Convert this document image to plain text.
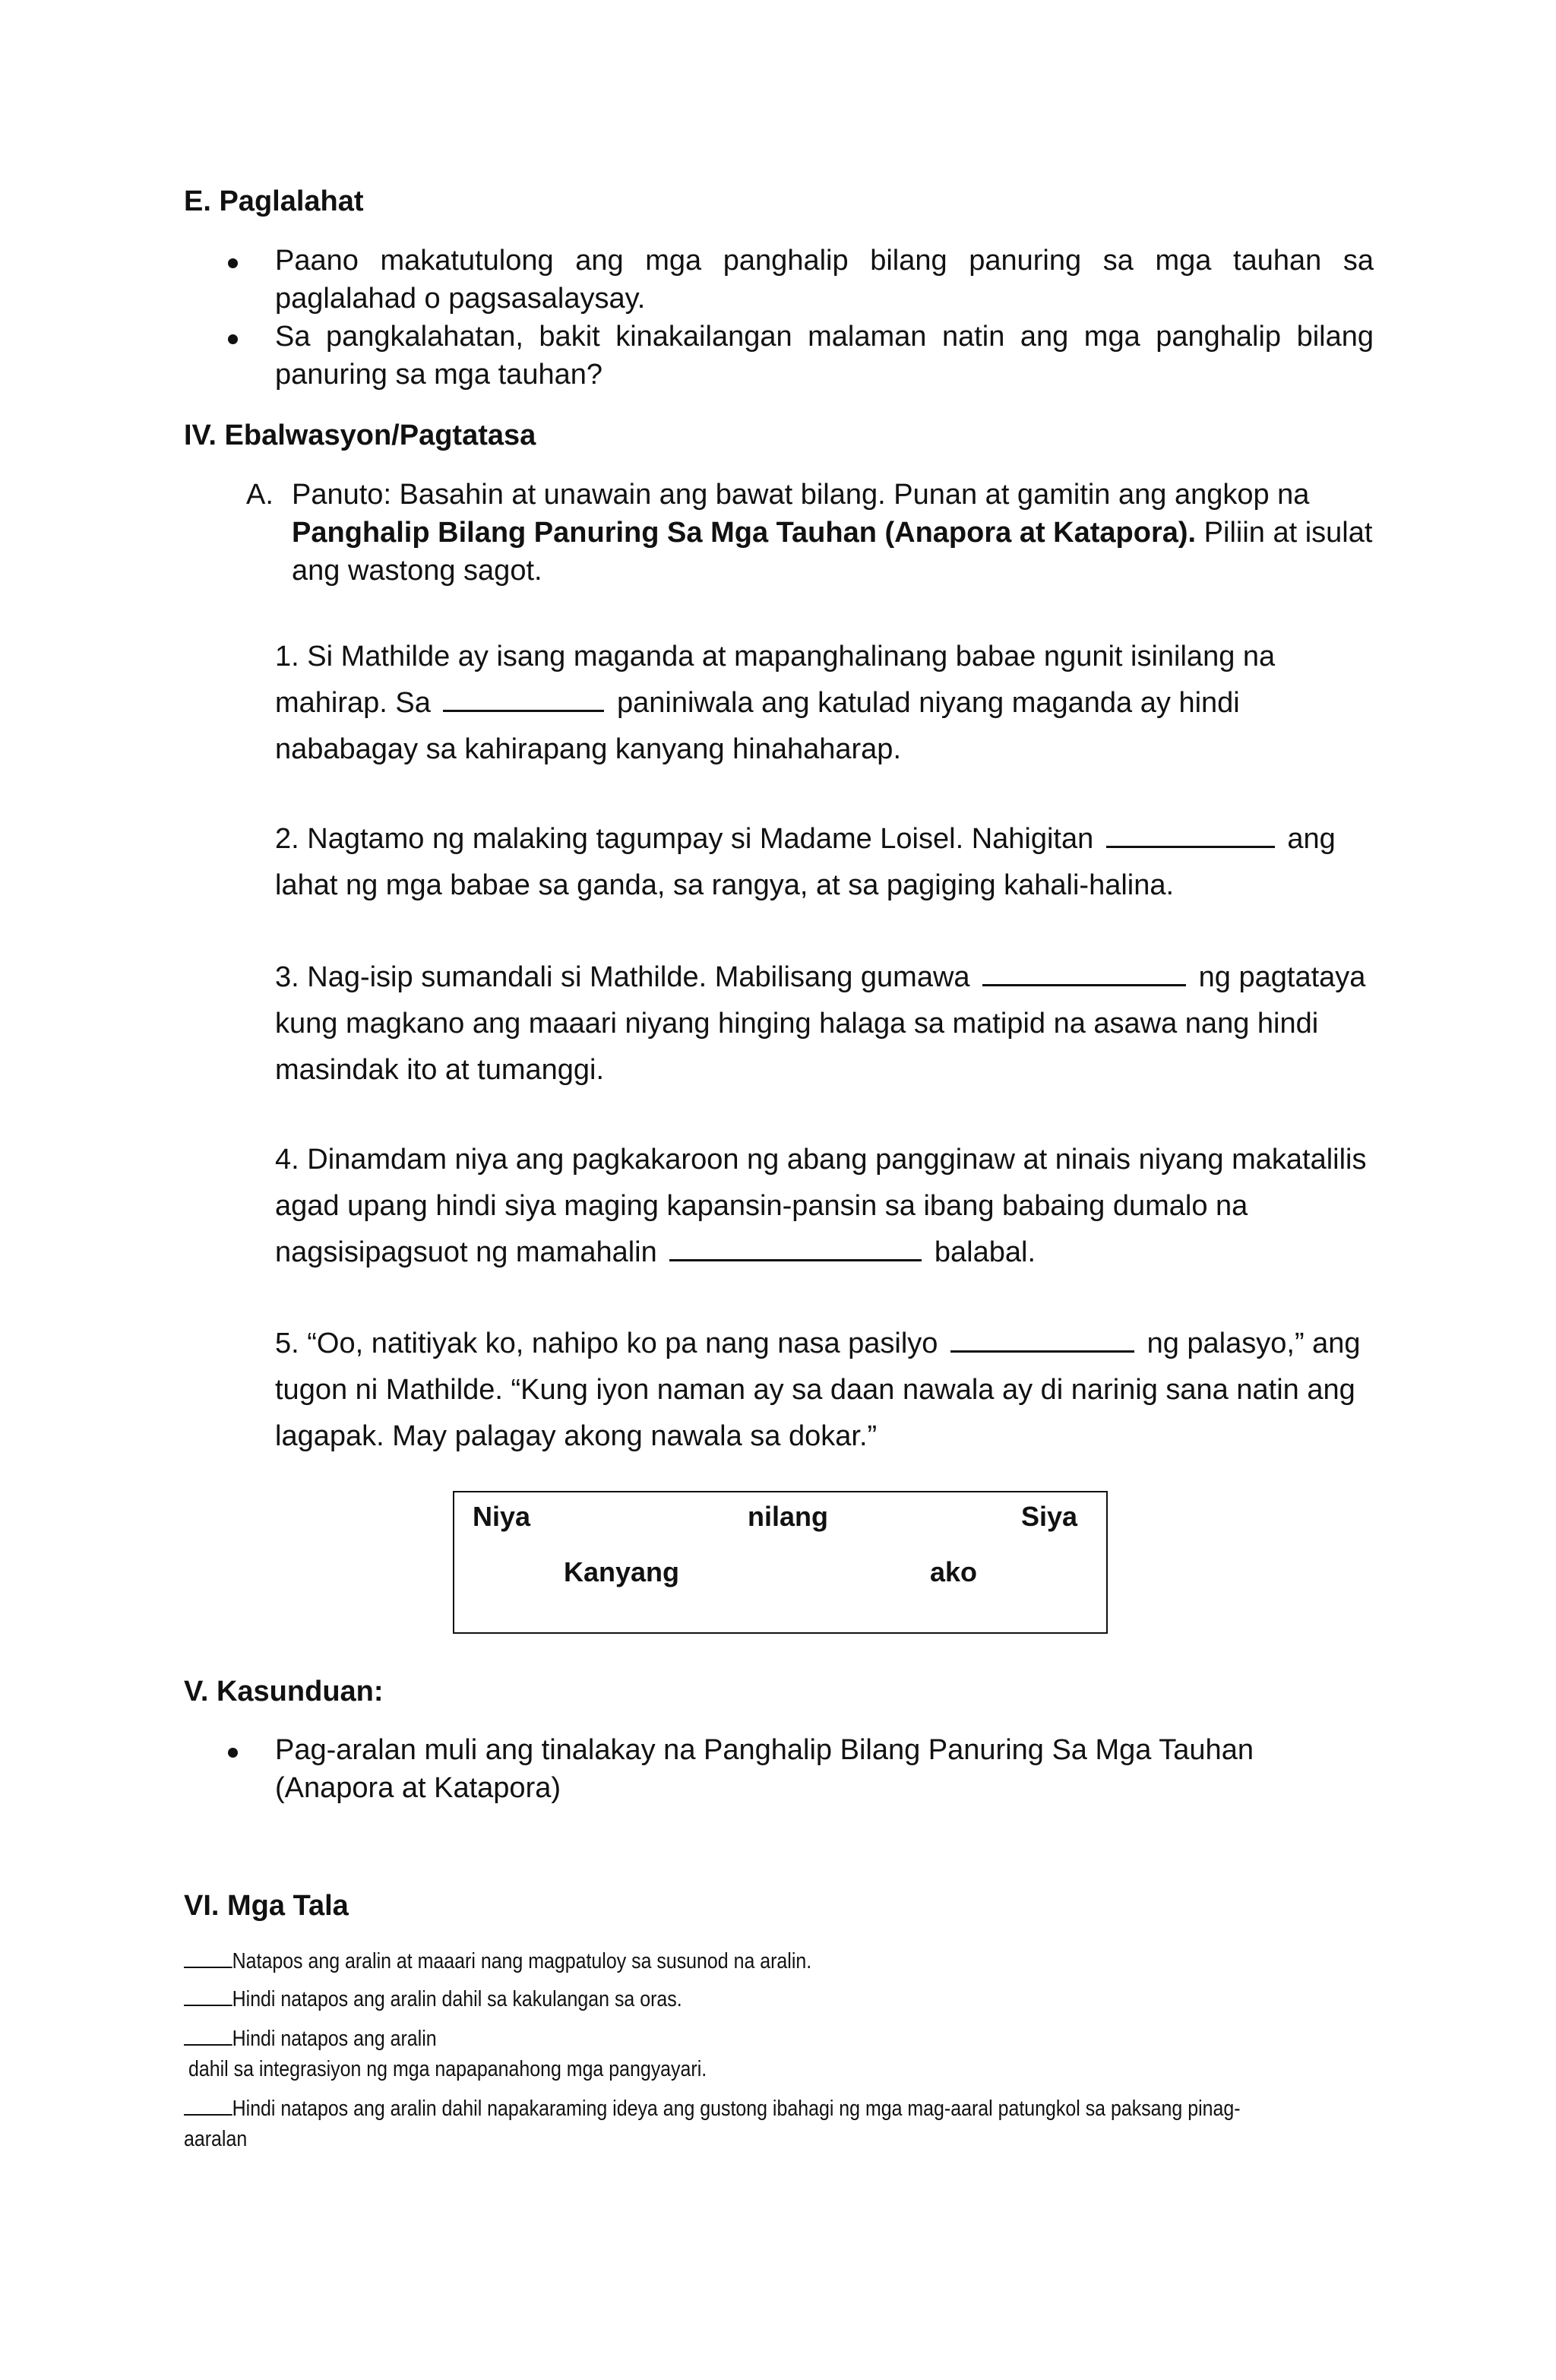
E. Paglalahat
Paano makatutulong ang mga panghalip bilang panuring sa mga tauhan sa paglalahad o pagsasalaysay.
Sa pangkalahatan, bakit kinakailangan malaman natin ang mga panghalip bilang panuring sa mga tauhan?
IV. Ebalwasyon/Pagtatasa
A. Panuto: Basahin at unawain ang bawat bilang. Punan at gamitin ang angkop na Panghalip Bilang Panuring Sa Mga Tauhan (Anapora at Katapora). Piliin at isulat ang wastong sagot.
1. Si Mathilde ay isang maganda at mapanghalinang babae ngunit isinilang na mahirap. Sa	paniniwala ang katulad niyang maganda ay hindi nababagay sa kahirapang kanyang hinahaharap.
2. Nagtamo ng malaking tagumpay si Madame Loisel. Nahigitan	ang lahat ng mga babae sa ganda, sa rangya, at sa pagiging kahali-halina.
3. Nag-isip sumandali si Mathilde. Mabilisang gumawa	ng pagtataya kung magkano ang maaari niyang hinging halaga sa matipid na asawa nang hindi masindak ito at tumanggi.
4. Dinamdam niya ang pagkakaroon ng abang pangginaw at ninais niyang makatalilis agad upang hindi siya maging kapansin-pansin sa ibang babaing dumalo na nagsisipagsuot ng mamahalin	balabal.
5. “Oo, natitiyak ko, nahipo ko pa nang nasa pasilyo	ng palasyo,” ang tugon ni Mathilde. “Kung iyon naman ay sa daan nawala ay di narinig sana natin ang lagapak. May palagay akong nawala sa dokar.”
Niya	nilang	Siya
Kanyang	ako
V. Kasunduan:
Pag-aralan muli ang tinalakay na Panghalip Bilang Panuring Sa Mga Tauhan (Anapora at Katapora)
VI. Mga Tala
Natapos ang aralin at maaari nang magpatuloy sa susunod na aralin.
Hindi natapos ang aralin dahil sa kakulangan sa oras.
Hindi natapos ang aralin
dahil sa integrasiyon ng mga napapanahong mga pangyayari.
Hindi natapos ang aralin dahil napakaraming ideya ang gustong ibahagi ng mga mag-aaral patungkol sa paksang pinag-
aaralan
